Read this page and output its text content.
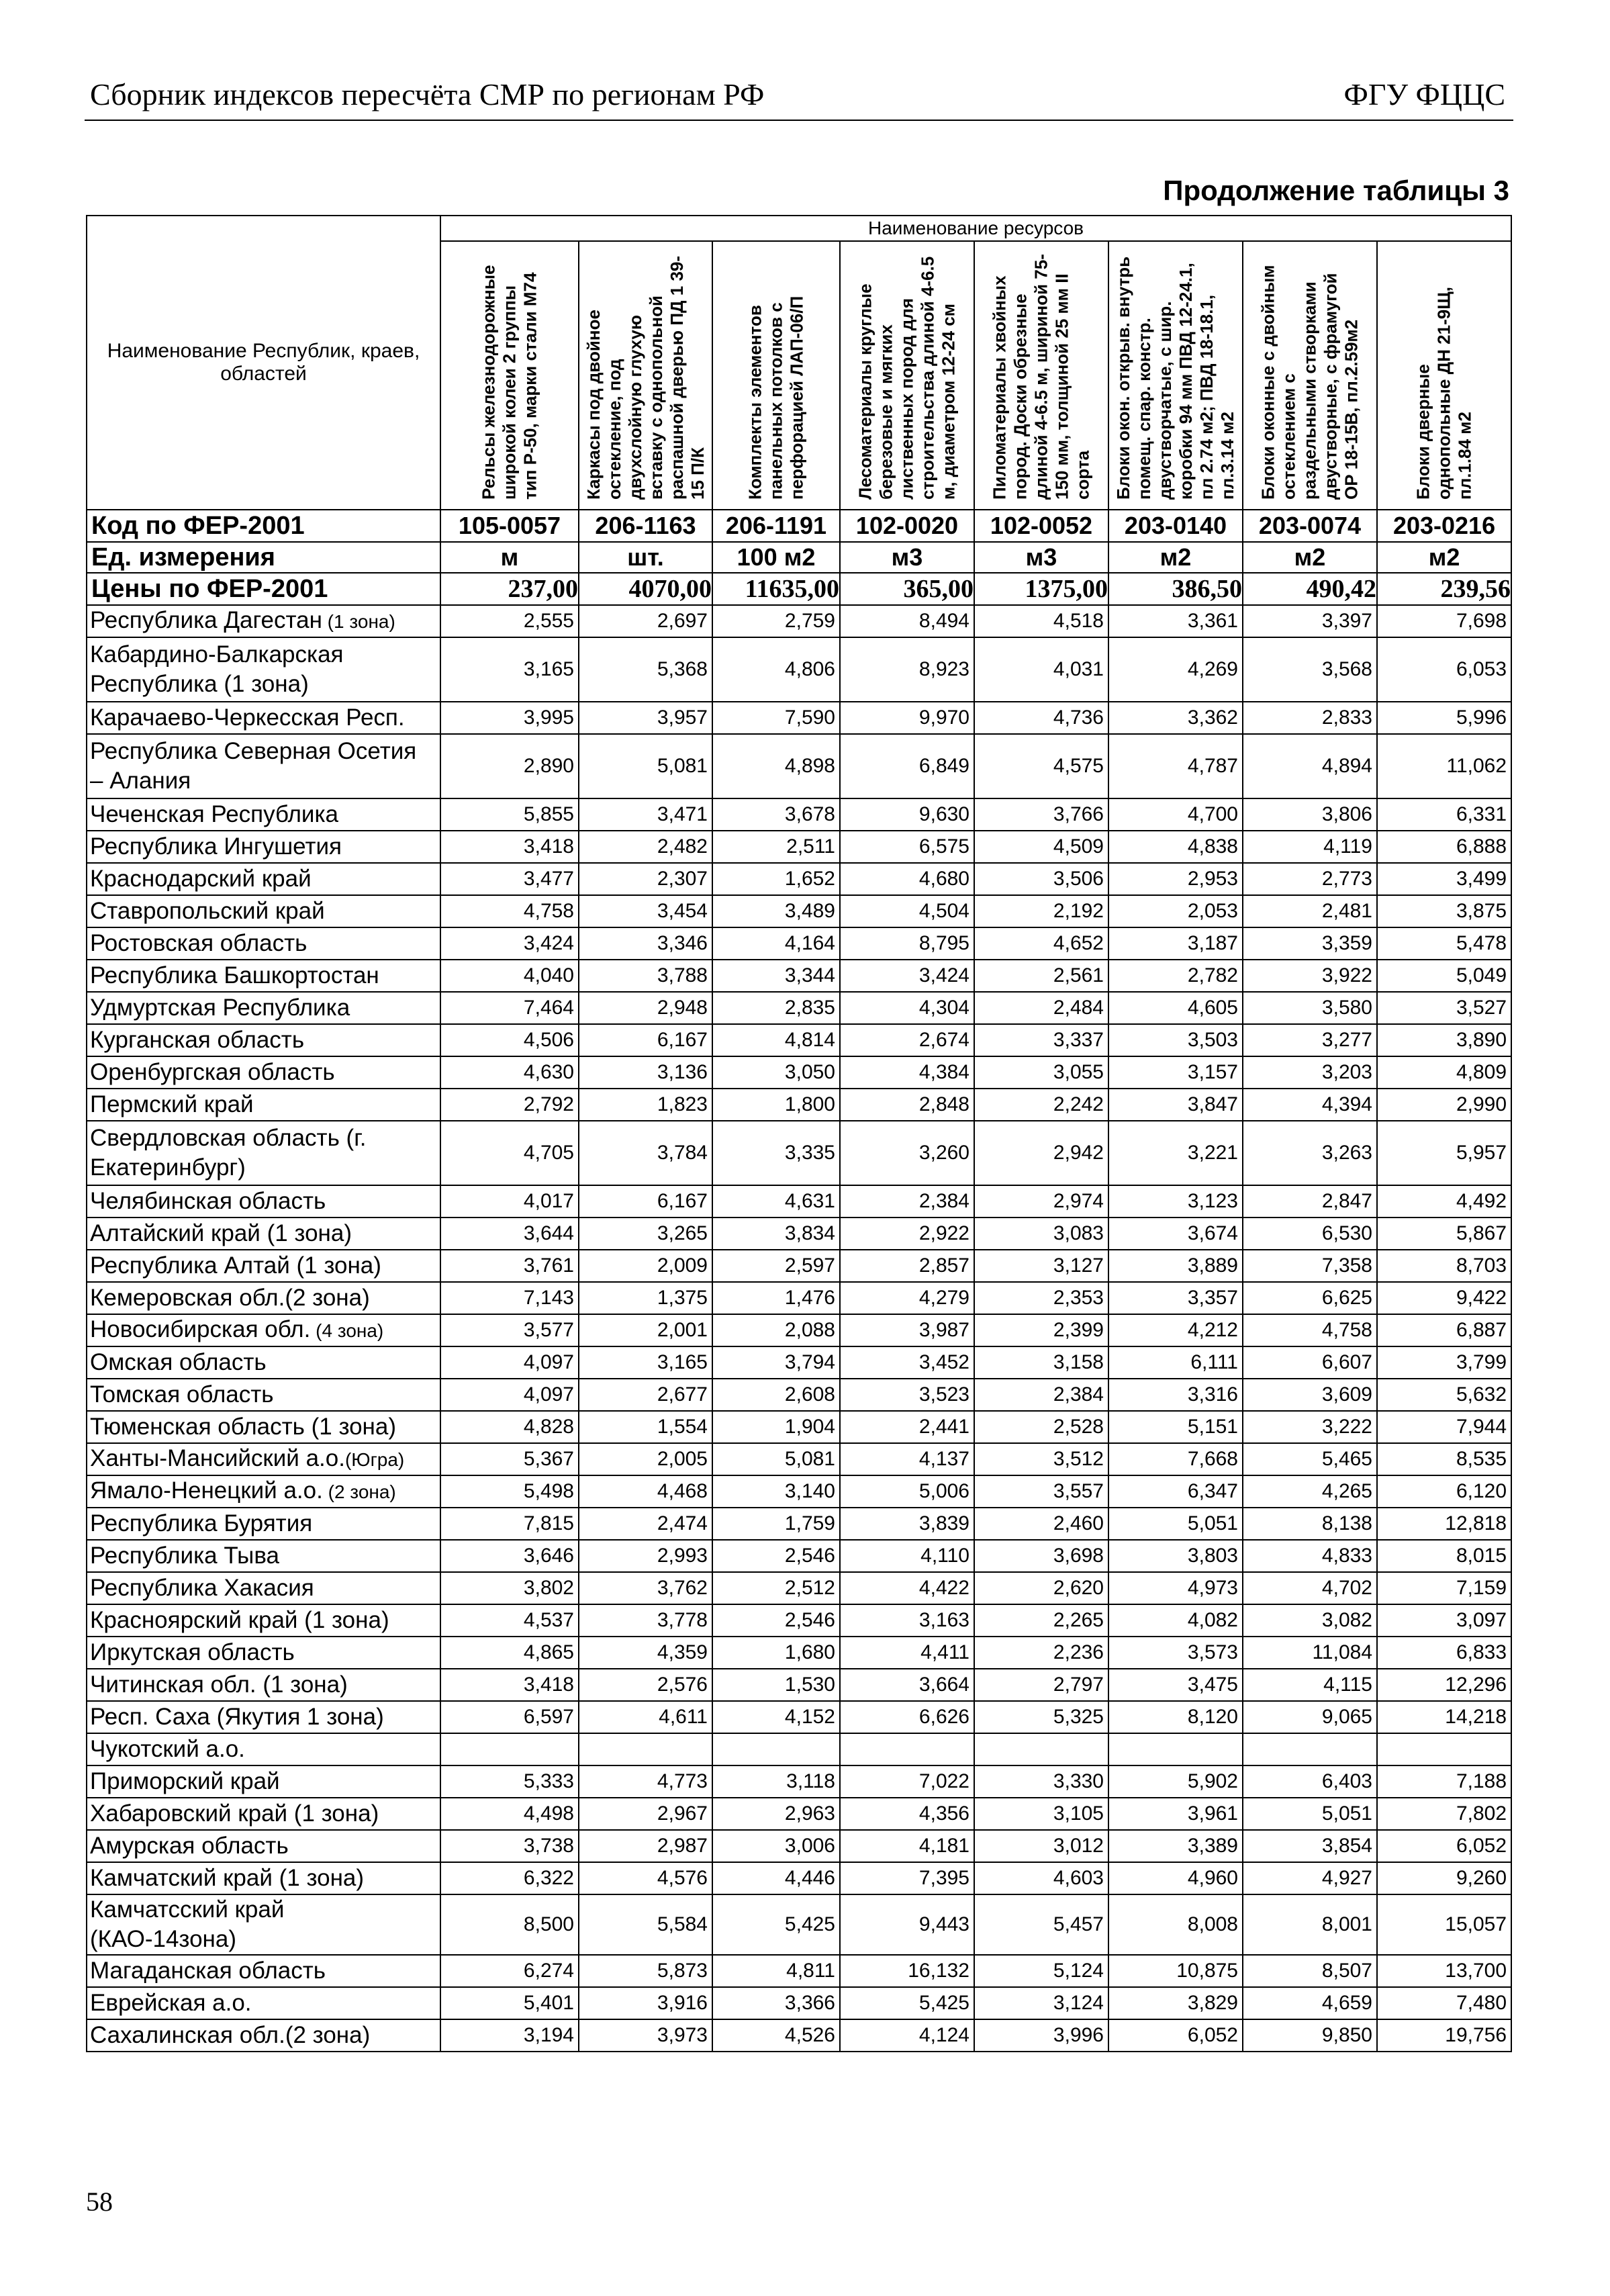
Сборник индексов пересчёта СМР по регионам РФ	ФГУ ФЦЦС
Продолжение таблицы 3
Наименование Республик, краев, областей	Наименование ресурсов							

	Рельсы железнодорожные широкой колеи 2 группы тип Р-50, марки стали М74	Каркасы под двойное остекление, под двухслойную глухую вставку с однопольной распашной дверью ПД 1 39-15 П/К	Комплекты элементов панельных потолков с перфорацией ЛАП-06/П	Лесоматериалы круглые березовые и мягких лиственных пород для строительства длиной 4-6.5 м, диаметром 12-24 см	Пиломатериалы хвойных пород. Доски обрезные длиной 4-6.5 м, шириной 75-150 мм, толщиной 25 мм II сорта	Блоки окон. открыв. внутрь помещ. спар. констр. двустворчатые, с шир. коробки 94 мм ПВД 12-24.1, пл 2.74 м2; ПВД 18-18.1, пл.3.14 м2	Блоки оконные с двойным остеклением с раздельными створками двустворные, с фрамугой ОР 18-15В, пл.2.59м2	Блоки дверные однопольные ДН 21-9Щ, пл.1.84 м2

Код по ФЕР-2001	105-0057	206-1163	206-1191	102-0020	102-0052	203-0140	203-0074	203-0216
Ед. измерения	м	шт.	100 м2	м3	м3	м2	м2	м2
Цены по ФЕР-2001	237,00	4070,00	11635,00	365,00	1375,00	386,50	490,42	239,56
Республика Дагестан (1 зона)	2,555	2,697	2,759	8,494	4,518	3,361	3,397	7,698
Кабардино-Балкарская Республика (1 зона)	3,165	5,368	4,806	8,923	4,031	4,269	3,568	6,053
Карачаево-Черкесская Респ.	3,995	3,957	7,590	9,970	4,736	3,362	2,833	5,996
Республика Северная Осетия – Алания	2,890	5,081	4,898	6,849	4,575	4,787	4,894	11,062
Чеченская Республика	5,855	3,471	3,678	9,630	3,766	4,700	3,806	6,331
Республика Ингушетия	3,418	2,482	2,511	6,575	4,509	4,838	4,119	6,888
Краснодарский край	3,477	2,307	1,652	4,680	3,506	2,953	2,773	3,499
Ставропольский край	4,758	3,454	3,489	4,504	2,192	2,053	2,481	3,875
Ростовская область	3,424	3,346	4,164	8,795	4,652	3,187	3,359	5,478
Республика Башкортостан	4,040	3,788	3,344	3,424	2,561	2,782	3,922	5,049
Удмуртская Республика	7,464	2,948	2,835	4,304	2,484	4,605	3,580	3,527
Курганская область	4,506	6,167	4,814	2,674	3,337	3,503	3,277	3,890
Оренбургская область	4,630	3,136	3,050	4,384	3,055	3,157	3,203	4,809
Пермский край	2,792	1,823	1,800	2,848	2,242	3,847	4,394	2,990
Свердловская область (г. Екатеринбург)	4,705	3,784	3,335	3,260	2,942	3,221	3,263	5,957
Челябинская область	4,017	6,167	4,631	2,384	2,974	3,123	2,847	4,492
Алтайский край (1 зона)	3,644	3,265	3,834	2,922	3,083	3,674	6,530	5,867
Республика Алтай (1 зона)	3,761	2,009	2,597	2,857	3,127	3,889	7,358	8,703
Кемеровская обл.(2 зона)	7,143	1,375	1,476	4,279	2,353	3,357	6,625	9,422
Новосибирская обл. (4 зона)	3,577	2,001	2,088	3,987	2,399	4,212	4,758	6,887
Омская область	4,097	3,165	3,794	3,452	3,158	6,111	6,607	3,799
Томская область	4,097	2,677	2,608	3,523	2,384	3,316	3,609	5,632
Тюменская область (1 зона)	4,828	1,554	1,904	2,441	2,528	5,151	3,222	7,944
Ханты-Мансийский а.о.(Югра)	5,367	2,005	5,081	4,137	3,512	7,668	5,465	8,535
Ямало-Ненецкий а.о. (2 зона)	5,498	4,468	3,140	5,006	3,557	6,347	4,265	6,120
Республика Бурятия	7,815	2,474	1,759	3,839	2,460	5,051	8,138	12,818
Республика Тыва	3,646	2,993	2,546	4,110	3,698	3,803	4,833	8,015
Республика Хакасия	3,802	3,762	2,512	4,422	2,620	4,973	4,702	7,159
Красноярский край (1 зона)	4,537	3,778	2,546	3,163	2,265	4,082	3,082	3,097
Иркутская область	4,865	4,359	1,680	4,411	2,236	3,573	11,084	6,833
Читинская обл. (1 зона)	3,418	2,576	1,530	3,664	2,797	3,475	4,115	12,296
Респ. Саха (Якутия 1 зона)	6,597	4,611	4,152	6,626	5,325	8,120	9,065	14,218
Чукотский а.о.								
Приморский край	5,333	4,773	3,118	7,022	3,330	5,902	6,403	7,188
Хабаровский край (1 зона)	4,498	2,967	2,963	4,356	3,105	3,961	5,051	7,802
Амурская область	3,738	2,987	3,006	4,181	3,012	3,389	3,854	6,052
Камчатский край (1 зона)	6,322	4,576	4,446	7,395	4,603	4,960	4,927	9,260
Камчатсский край (КАО-14зона)	8,500	5,584	5,425	9,443	5,457	8,008	8,001	15,057
Магаданская область	6,274	5,873	4,811	16,132	5,124	10,875	8,507	13,700
Еврейская а.о.	5,401	3,916	3,366	5,425	3,124	3,829	4,659	7,480
Сахалинская обл.(2 зона)	3,194	3,973	4,526	4,124	3,996	6,052	9,850	19,756
58
